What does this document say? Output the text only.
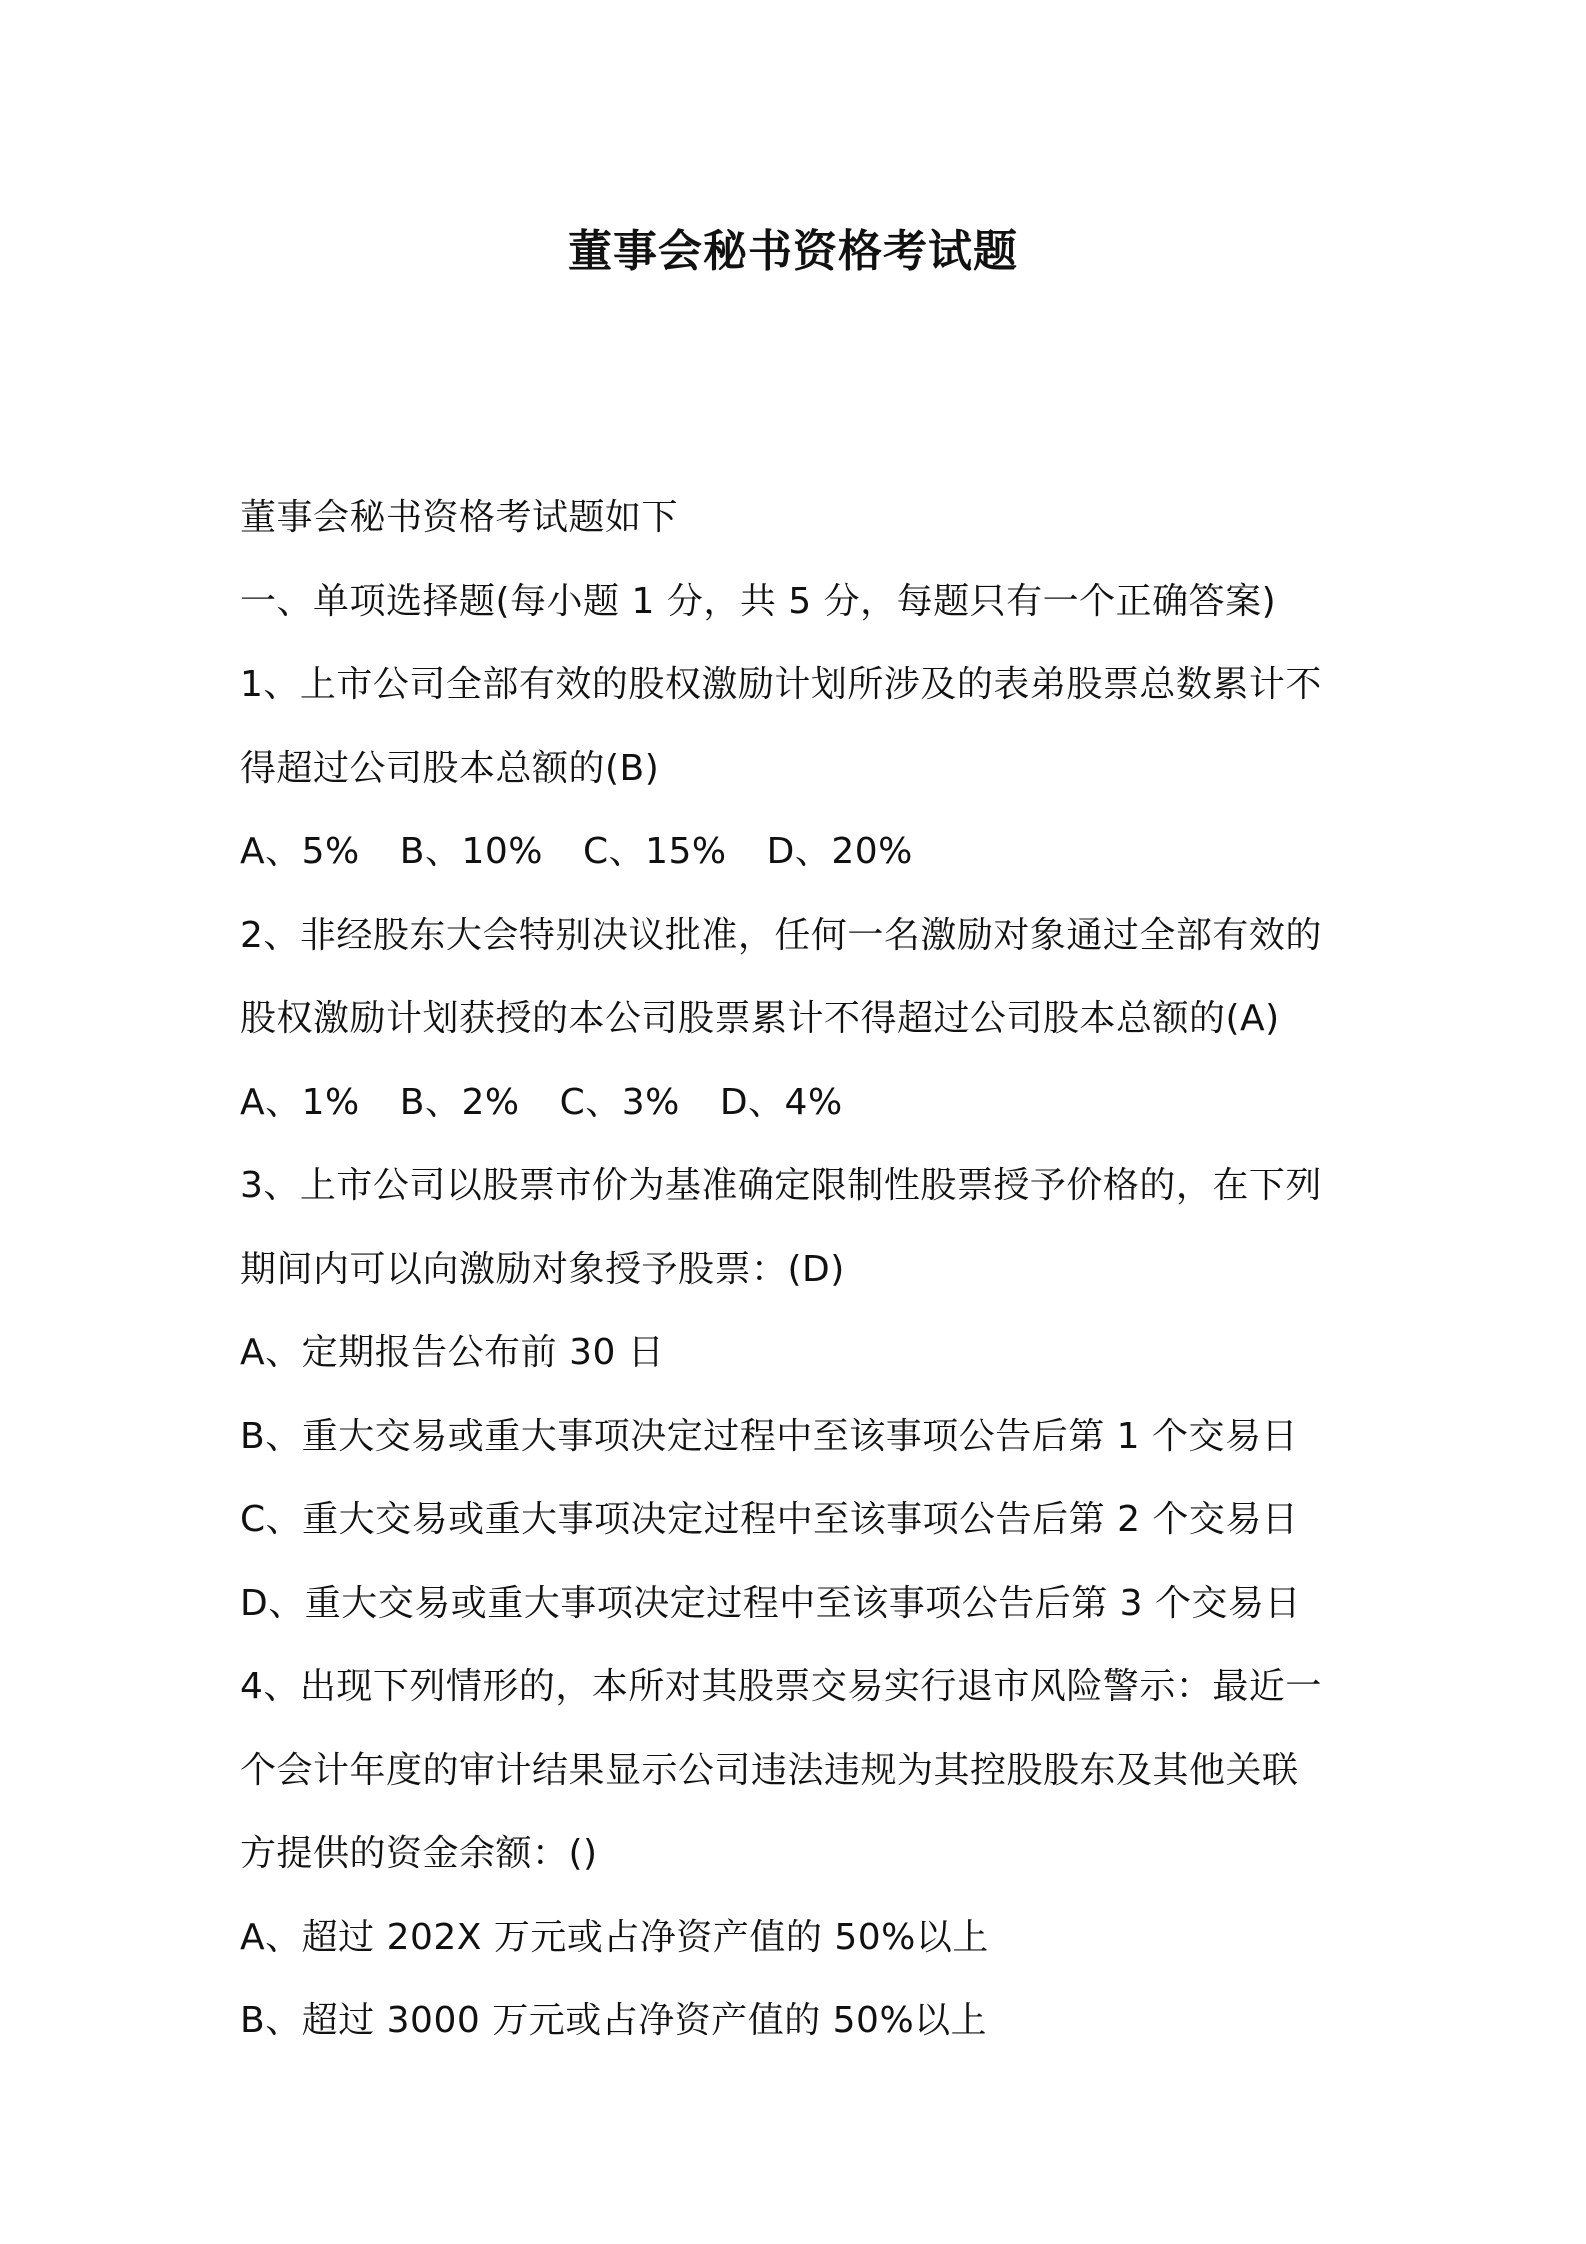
董事会秘书资格考试题
董事会秘书资格考试题如下
一、单项选择题(每小题 1 分，共 5 分，每题只有一个正确答案)
1、上市公司全部有效的股权激励计划所涉及的表弟股票总数累计不
得超过公司股本总额的(B)
A、5% B、10% C、15% D、20%
2、非经股东大会特别决议批准，任何一名激励对象通过全部有效的
股权激励计划获授的本公司股票累计不得超过公司股本总额的(A)
A、1% B、2% C、3% D、4%
3、上市公司以股票市价为基准确定限制性股票授予价格的，在下列
期间内可以向激励对象授予股票：(D)
A、定期报告公布前 30 日
B、重大交易或重大事项决定过程中至该事项公告后第 1 个交易日
C、重大交易或重大事项决定过程中至该事项公告后第 2 个交易日
D、重大交易或重大事项决定过程中至该事项公告后第 3 个交易日
4、出现下列情形的，本所对其股票交易实行退市风险警示：最近一
个会计年度的审计结果显示公司违法违规为其控股股东及其他关联
方提供的资金余额：()
A、超过 202X 万元或占净资产值的 50%以上
B、超过 3000 万元或占净资产值的 50%以上
